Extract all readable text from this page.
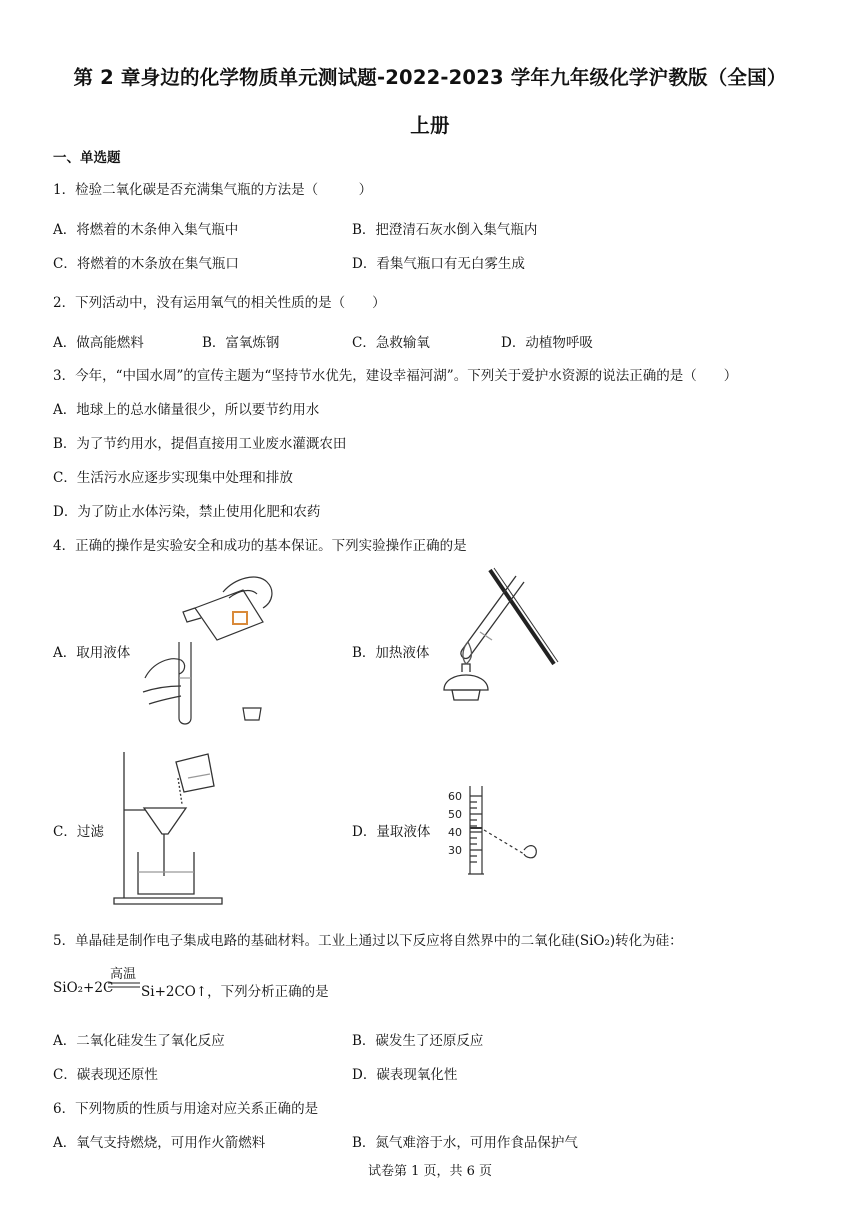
第 2 章身边的化学物质单元测试题-2022-2023 学年九年级化学沪教版（全国）
上册
一、单选题
1．检验二氧化碳是否充满集气瓶的方法是（　　　）
A．将燃着的木条伸入集气瓶中	B．把澄清石灰水倒入集气瓶内
C．将燃着的木条放在集气瓶口	D．看集气瓶口有无白雾生成
2．下列活动中，没有运用氧气的相关性质的是（　　）
A．做高能燃料	B．富氧炼钢	C．急救输氧	D．动植物呼吸
3．今年，“中国水周”的宣传主题为“坚持节水优先，建设幸福河湖”。下列关于爱护水资源的说法正确的是（　　）
A．地球上的总水储量很少，所以要节约用水
B．为了节约用水，提倡直接用工业废水灌溉农田
C．生活污水应逐步实现集中处理和排放
D．为了防止水体污染，禁止使用化肥和农药
4．正确的操作是实验安全和成功的基本保证。下列实验操作正确的是
A．取用液体	B．加热液体
C．过滤	D．量取液体
60
50
40
30
5．单晶硅是制作电子集成电路的基础材料。工业上通过以下反应将自然界中的二氧化硅(SiO₂)转化为硅：
高温
SiO₂+2C Si+2CO↑，下列分析正确的是
A．二氧化硅发生了氧化反应	B．碳发生了还原反应
C．碳表现还原性	D．碳表现氧化性
6．下列物质的性质与用途对应关系正确的是
A．氧气支持燃烧，可用作火箭燃料	B．氮气难溶于水，可用作食品保护气
试卷第 1 页，共 6 页
